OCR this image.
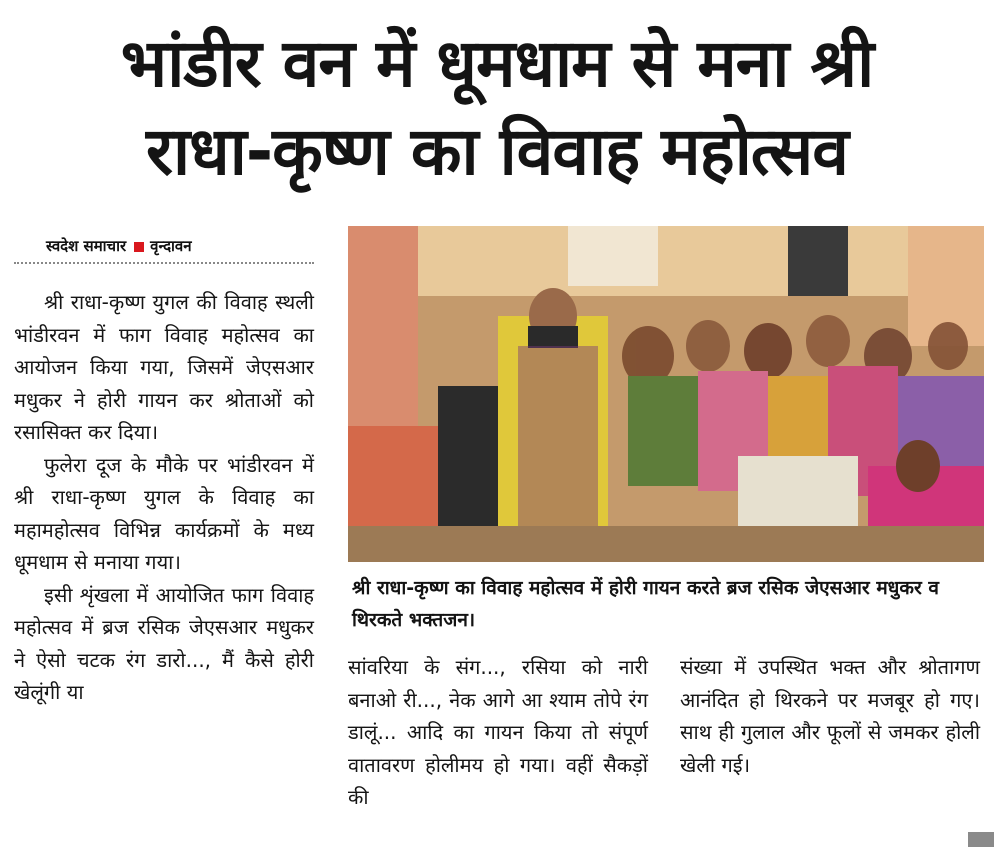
भांडीर वन में धूमधाम से मना श्री
राधा-कृष्ण का विवाह महोत्सव
स्वदेश समाचार वृन्दावन

श्री राधा-कृष्ण युगल की विवाह स्थली भांडीरवन में फाग विवाह महोत्सव का आयोजन किया गया, जिसमें जेएसआर मधुकर ने होरी गायन कर श्रोताओं को रसासिक्त कर दिया।

फुलेरा दूज के मौके पर भांडीरवन में श्री राधा-कृष्ण युगल के विवाह का महामहोत्सव विभिन्न कार्यक्रमों के मध्य धूमधाम से मनाया गया।

इसी शृंखला में आयोजित फाग विवाह महोत्सव में ब्रज रसिक जेएसआर मधुकर ने ऐसो चटक रंग डारो..., मैं कैसे होरी खेलूंगी या

श्री राधा-कृष्ण का विवाह महोत्सव में होरी गायन करते ब्रज रसिक जेएसआर मधुकर व थिरकते भक्तजन।

सांवरिया के संग..., रसिया को नारी बनाओ री..., नेक आगे आ श्याम तोपे रंग डालूं... आदि का गायन किया तो संपूर्ण वातावरण होलीमय हो गया। वहीं सैकड़ों की

संख्या में उपस्थित भक्त और श्रोतागण आनंदित हो थिरकने पर मजबूर हो गए। साथ ही गुलाल और फूलों से जमकर होली खेली गई।
